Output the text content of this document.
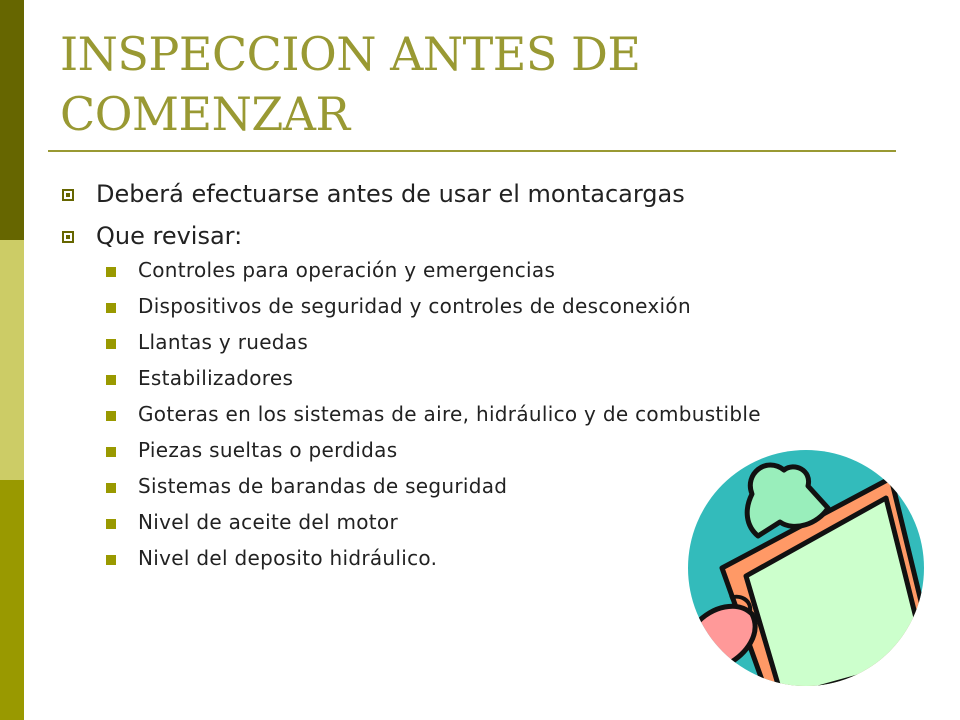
INSPECCION ANTES DE COMENZAR
Deberá efectuarse antes de usar el montacargas
Que revisar:
Controles para operación y emergencias
Dispositivos de seguridad y controles de desconexión
Llantas y ruedas
Estabilizadores
Goteras en los sistemas de aire, hidráulico y de combustible
Piezas sueltas o perdidas
Sistemas de barandas de seguridad
Nivel de aceite del motor
Nivel del deposito hidráulico.
